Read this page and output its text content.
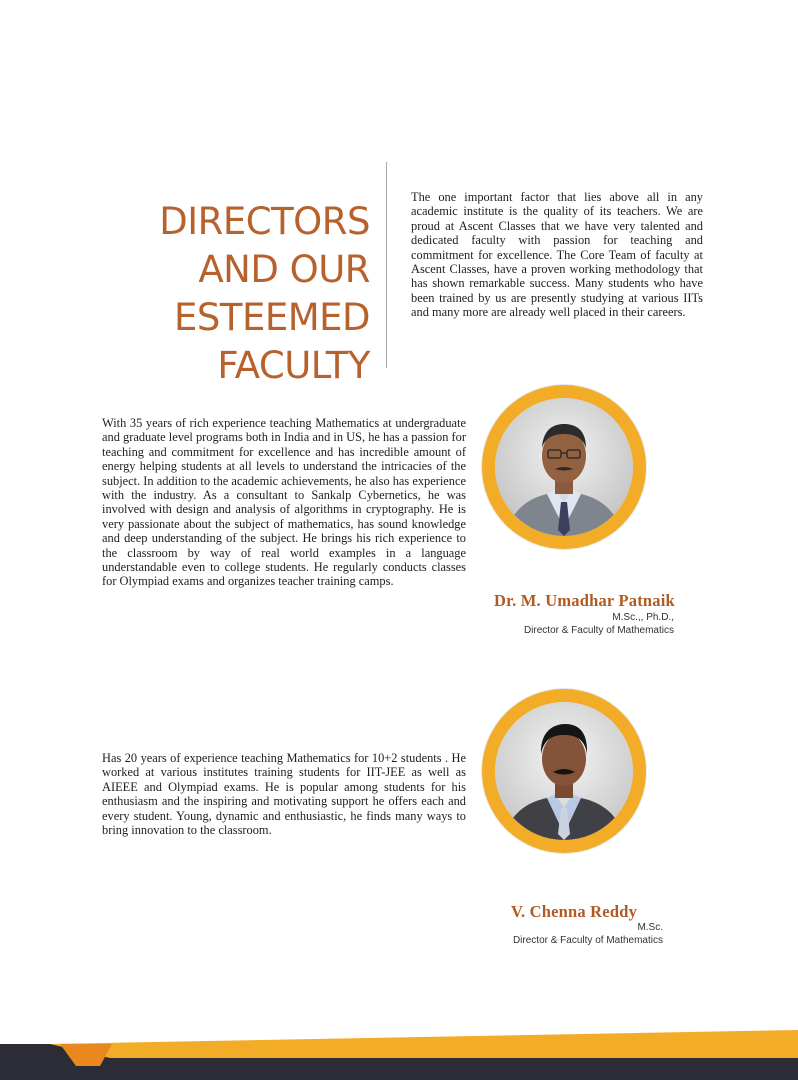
DIRECTORS
AND OUR
ESTEEMED
FACULTY

The one important factor that lies above all in any academic institute is the quality of its teachers. We are proud at Ascent Classes that we have very talented and dedicated faculty with passion for teaching and commitment for excellence. The Core Team of faculty at Ascent Classes, have a proven working methodology that has shown remarkable success. Many students who have been trained by us are presently studying at various IITs and many more are already well placed in their careers.

With 35 years of rich experience teaching Mathematics at undergraduate and graduate level programs both in India and in US, he has a passion for teaching and commitment for excellence and has incredible amount of energy helping students at all levels to understand the intricacies of the subject. In addition to the academic achievements, he also has experience with the industry. As a consultant to Sankalp Cybernetics, he was involved with design and analysis of algorithms in cryptography. He is very passionate about the subject of mathematics, has sound knowledge and deep understanding of the subject. He brings his rich experience to the classroom by way of real world examples in a language understandable even to college students. He regularly conducts classes for Olympiad exams and organizes teacher training camps.

Dr. M. Umadhar Patnaik
M.Sc.,, Ph.D.,
Director & Faculty of Mathematics

Has 20 years of experience teaching Mathematics for 10+2 students . He worked at various institutes training students for IIT-JEE as well as AIEEE and Olympiad exams. He is popular among students for his enthusiasm and the inspiring and motivating support he offers each and every student. Young, dynamic and enthusiastic, he finds many ways to bring innovation to the classroom.

V. Chenna Reddy
M.Sc.
Director & Faculty of Mathematics
